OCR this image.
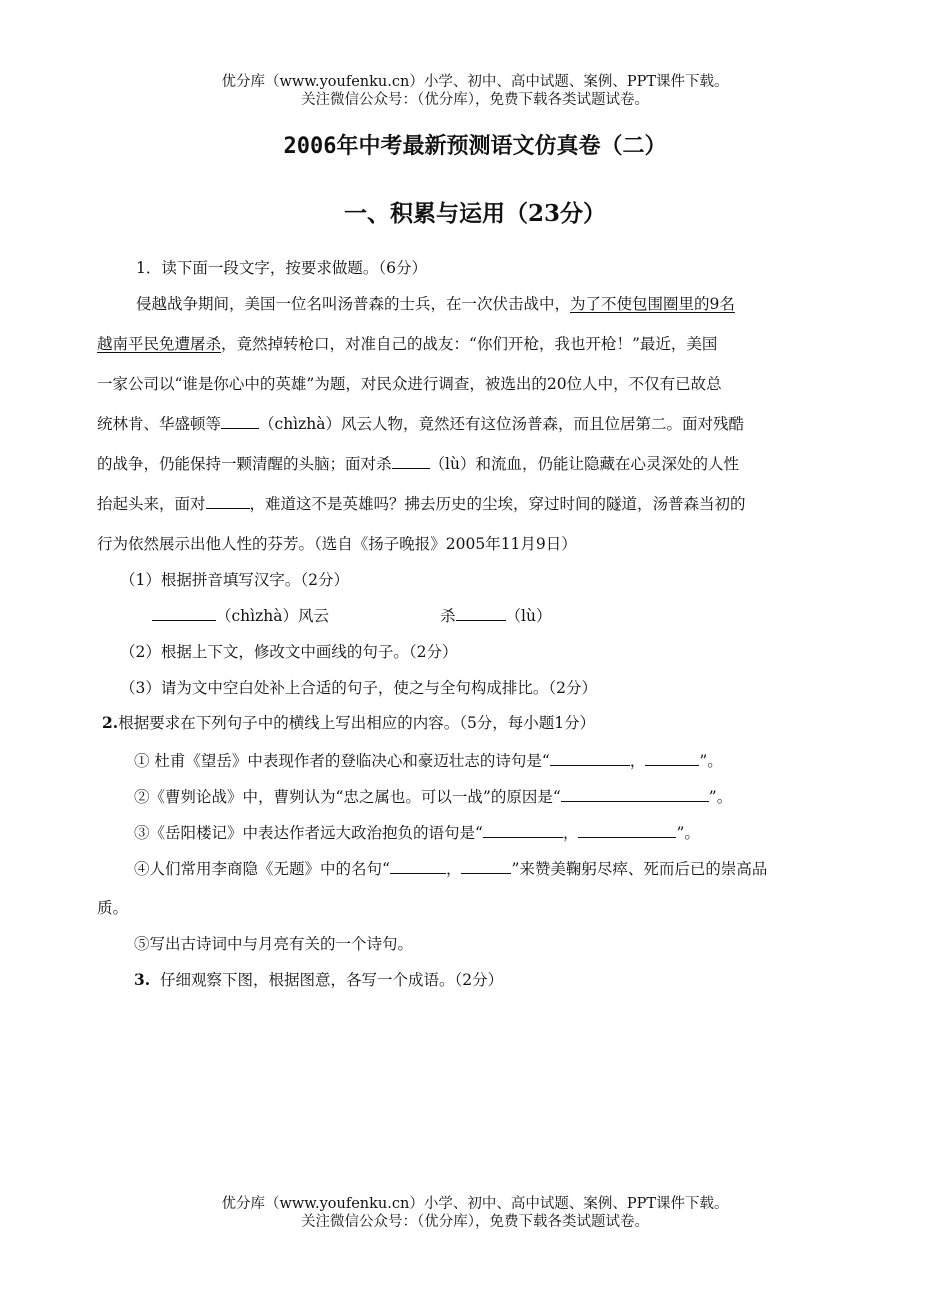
优分库（www.youfenku.cn）小学、初中、高中试题、案例、PPT课件下载。
关注微信公众号：（优分库），免费下载各类试题试卷。
2006年中考最新预测语文仿真卷（二）
一、积累与运用（23分）
1．读下面一段文字，按要求做题。（6分）
侵越战争期间，美国一位名叫汤普森的士兵，在一次伏击战中，为了不使包围圈里的9名
越南平民免遭屠杀，竟然掉转枪口，对准自己的战友：“你们开枪，我也开枪！”最近，美国
一家公司以“谁是你心中的英雄”为题，对民众进行调查，被选出的20位人中，不仅有已故总
统林肯、华盛顿等 （chìzhà）风云人物，竟然还有这位汤普森，而且位居第二。面对残酷
的战争，仍能保持一颗清醒的头脑；面对杀 （lù）和流血，仍能让隐藏在心灵深处的人性
抬起头来，面对	，难道这不是英雄吗？拂去历史的尘埃，穿过时间的隧道，汤普森当初的
行为依然展示出他人性的芬芳。（选自《扬子晚报》2005年11月9日）
（1）根据拼音填写汉字。（2分）
（chìzhà）风云	杀	（lù）
（2）根据上下文，修改文中画线的句子。（2分）
（3）请为文中空白处补上合适的句子，使之与全句构成排比。（2分）
2.根据要求在下列句子中的横线上写出相应的内容。（5分，每小题1分）
① 杜甫《望岳》中表现作者的登临决心和豪迈壮志的诗句是“	，	”。
②《曹刿论战》中，曹刿认为“忠之属也。可以一战”的原因是“	”。
③《岳阳楼记》中表达作者远大政治抱负的语句是“	，	”。
④人们常用李商隐《无题》中的名句“	，	”来赞美鞠躬尽瘁、死而后已的崇高品
质。
⑤写出古诗词中与月亮有关的一个诗句。
3. 仔细观察下图，根据图意，各写一个成语。（2分）
优分库（www.youfenku.cn）小学、初中、高中试题、案例、PPT课件下载。
关注微信公众号：（优分库），免费下载各类试题试卷。
